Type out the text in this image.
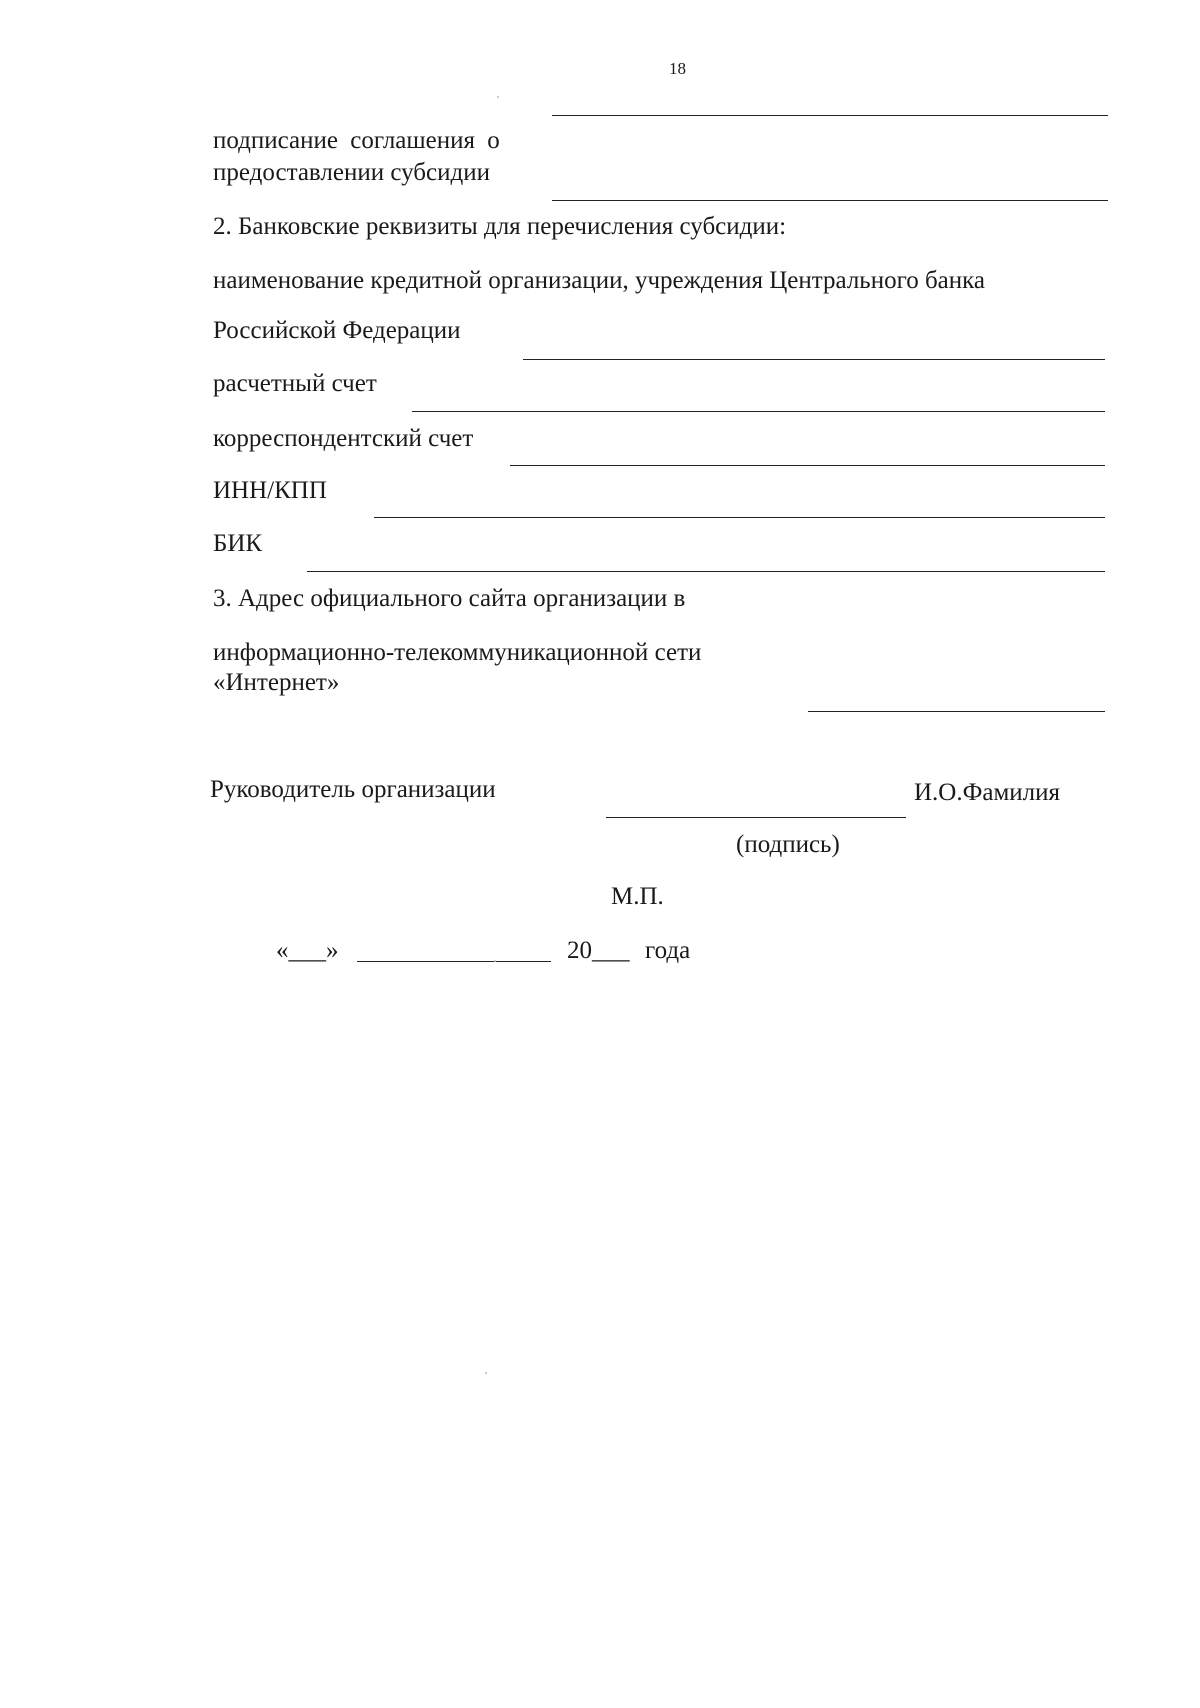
18
подписание соглашения о
предоставлении субсидии
2. Банковские реквизиты для перечисления субсидии:
наименование кредитной организации, учреждения Центрального банка
Российской Федерации
расчетный счет
корреспондентский счет
ИНН/КПП
БИК
3. Адрес официального сайта организации в
информационно-телекоммуникационной сети
«Интернет»
Руководитель организации	И.О.Фамилия
(подпись)
М.П.
«___»	20___ года
